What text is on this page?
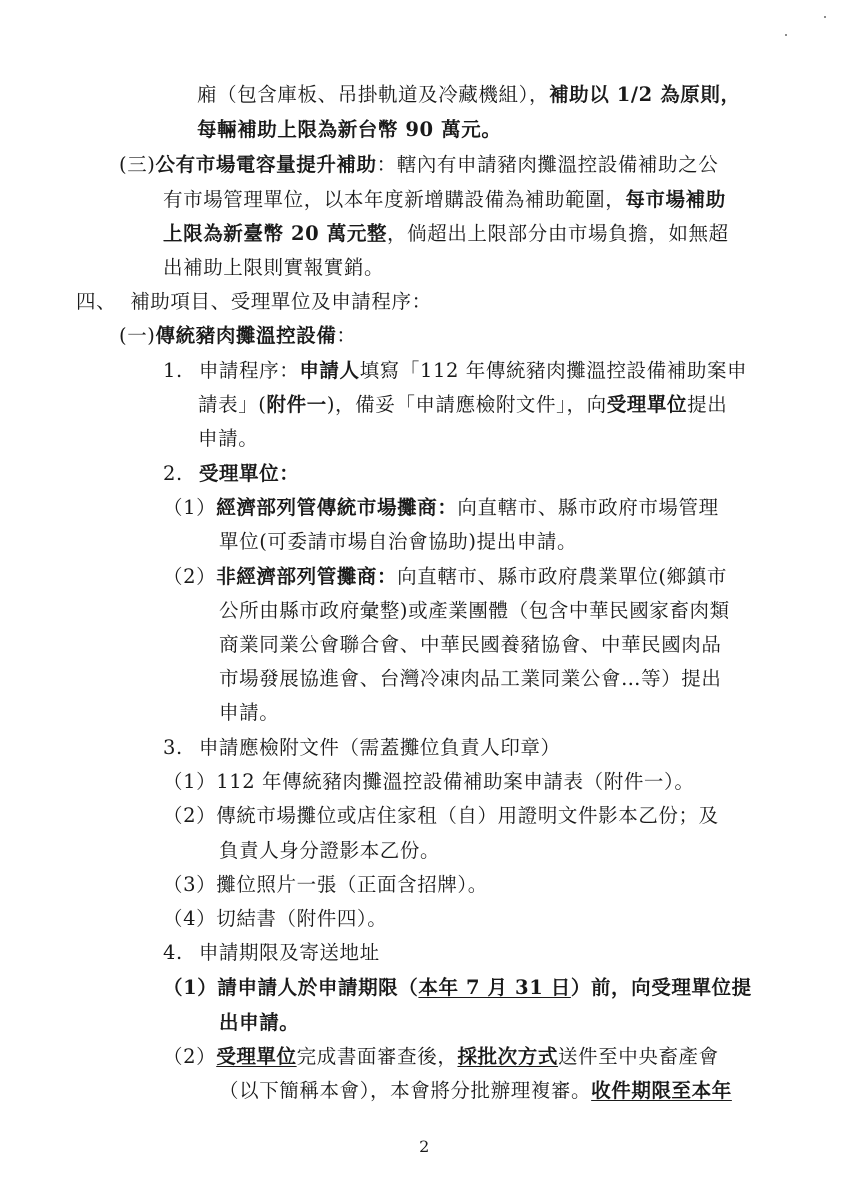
廂（包含庫板、吊掛軌道及冷藏機組），補助以 1/2 為原則，
每輛補助上限為新台幣 90 萬元。
(三)公有市場電容量提升補助：轄內有申請豬肉攤溫控設備補助之公
有市場管理單位，以本年度新增購設備為補助範圍，每市場補助
上限為新臺幣 20 萬元整，倘超出上限部分由市場負擔，如無超
出補助上限則實報實銷。
四、 補助項目、受理單位及申請程序：
(一)傳統豬肉攤溫控設備：
1. 申請程序：申請人填寫「112 年傳統豬肉攤溫控設備補助案申
請表」(附件一)，備妥「申請應檢附文件」，向受理單位提出
申請。
2. 受理單位：
（1）經濟部列管傳統市場攤商：向直轄市、縣市政府市場管理
單位(可委請市場自治會協助)提出申請。
（2）非經濟部列管攤商：向直轄市、縣市政府農業單位(鄉鎮市
公所由縣市政府彙整)或產業團體（包含中華民國家畜肉類
商業同業公會聯合會、中華民國養豬協會、中華民國肉品
市場發展協進會、台灣冷凍肉品工業同業公會…等）提出
申請。
3. 申請應檢附文件（需蓋攤位負責人印章）
（1）112 年傳統豬肉攤溫控設備補助案申請表（附件一）。
（2）傳統市場攤位或店住家租（自）用證明文件影本乙份；及
負責人身分證影本乙份。
（3）攤位照片一張（正面含招牌）。
（4）切結書（附件四）。
4. 申請期限及寄送地址
（1）請申請人於申請期限（本年 7 月 31 日）前，向受理單位提
出申請。
（2）受理單位完成書面審查後，採批次方式送件至中央畜產會
（以下簡稱本會），本會將分批辦理複審。收件期限至本年
2
